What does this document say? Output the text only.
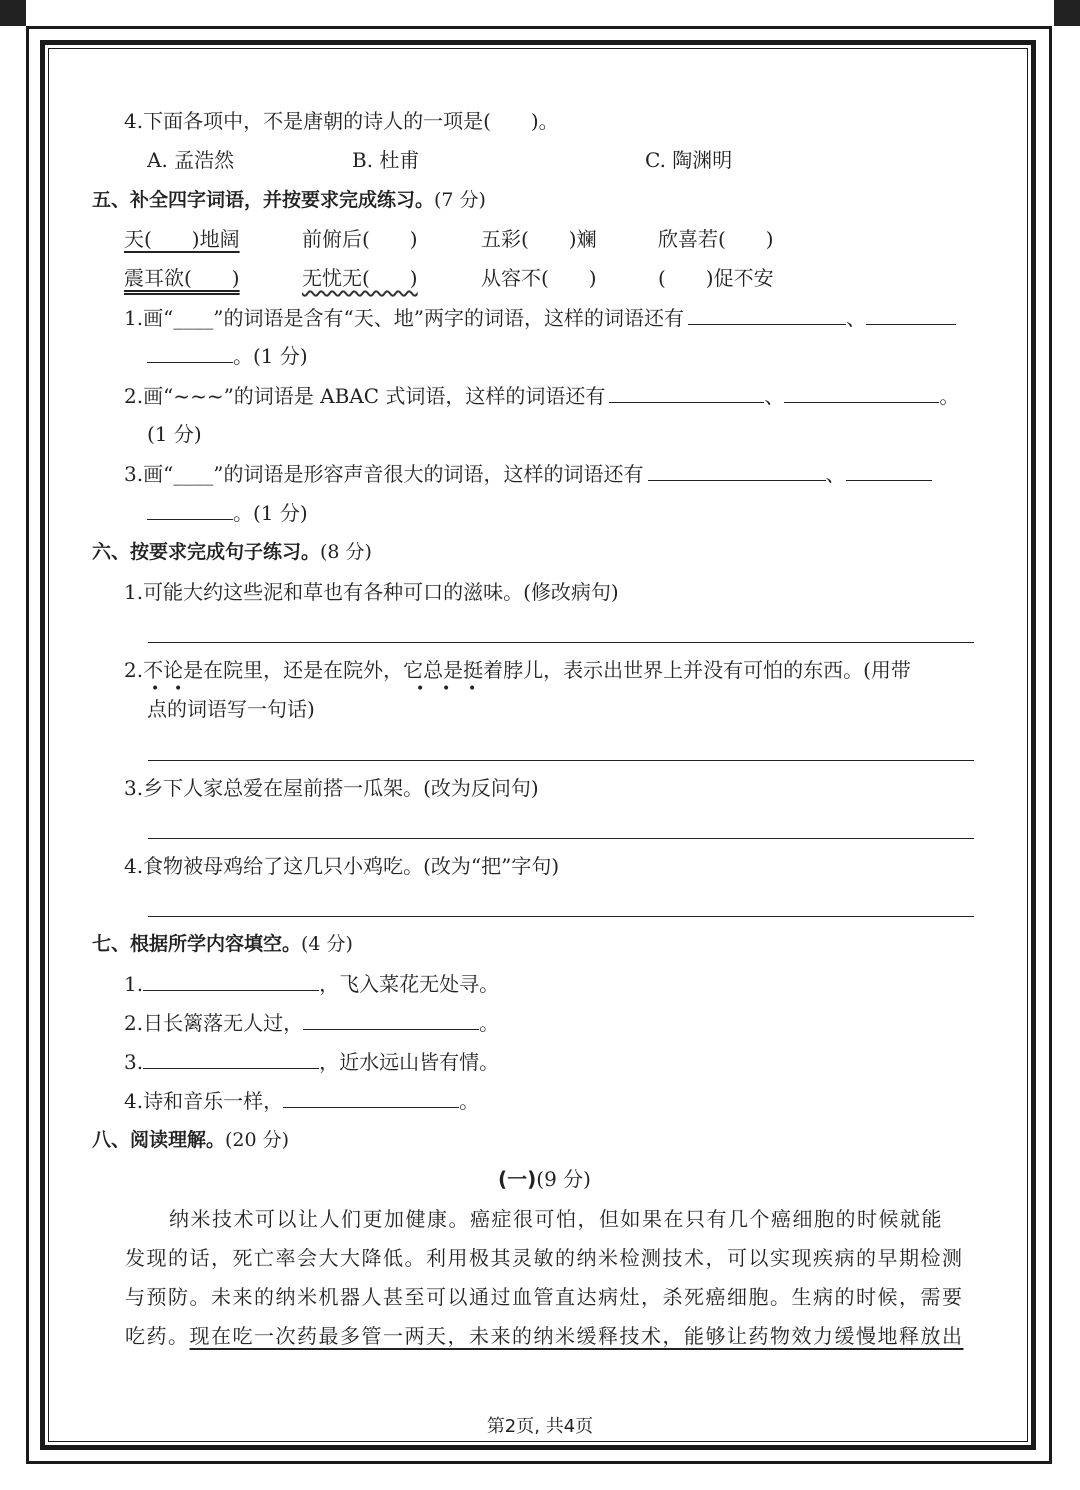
4.下面各项中，不是唐朝的诗人的一项是(　　)。
A. 孟浩然	B. 杜甫	C. 陶渊明
五、补全四字词语，并按要求完成练习。(7 分)
天(　　)地阔	前俯后(　　)	五彩(　　)斓	欣喜若(　　)
震耳欲(　　)	无忧无(　　)	从容不(　　)	(　　)促不安
1.画“____”的词语是含有“天、地”两字的词语，这样的词语还有	、
。(1 分)
2.画“~~~”的词语是 ABAC 式词语，这样的词语还有	、	。
(1 分)
3.画“____”的词语是形容声音很大的词语，这样的词语还有	、
。(1 分)
六、按要求完成句子练习。(8 分)
1.可能大约这些泥和草也有各种可口的滋味。(修改病句)
2.不论是在院里，还是在院外，它总是挺着脖儿，表示出世界上并没有可怕的东西。(用带
• •	• • •
点的词语写一句话)
3.乡下人家总爱在屋前搭一瓜架。(改为反问句)
4.食物被母鸡给了这几只小鸡吃。(改为“把”字句)
七、根据所学内容填空。(4 分)
1.	，飞入菜花无处寻。
2.日长篱落无人过，	。
3.	，近水远山皆有情。
4.诗和音乐一样，	。
八、阅读理解。(20 分)
(一)(9 分)
纳米技术可以让人们更加健康。癌症很可怕，但如果在只有几个癌细胞的时候就能
发现的话，死亡率会大大降低。利用极其灵敏的纳米检测技术，可以实现疾病的早期检测
与预防。未来的纳米机器人甚至可以通过血管直达病灶，杀死癌细胞。生病的时候，需要
吃药。现在吃一次药最多管一两天，未来的纳米缓释技术，能够让药物效力缓慢地释放出
第2页, 共4页
